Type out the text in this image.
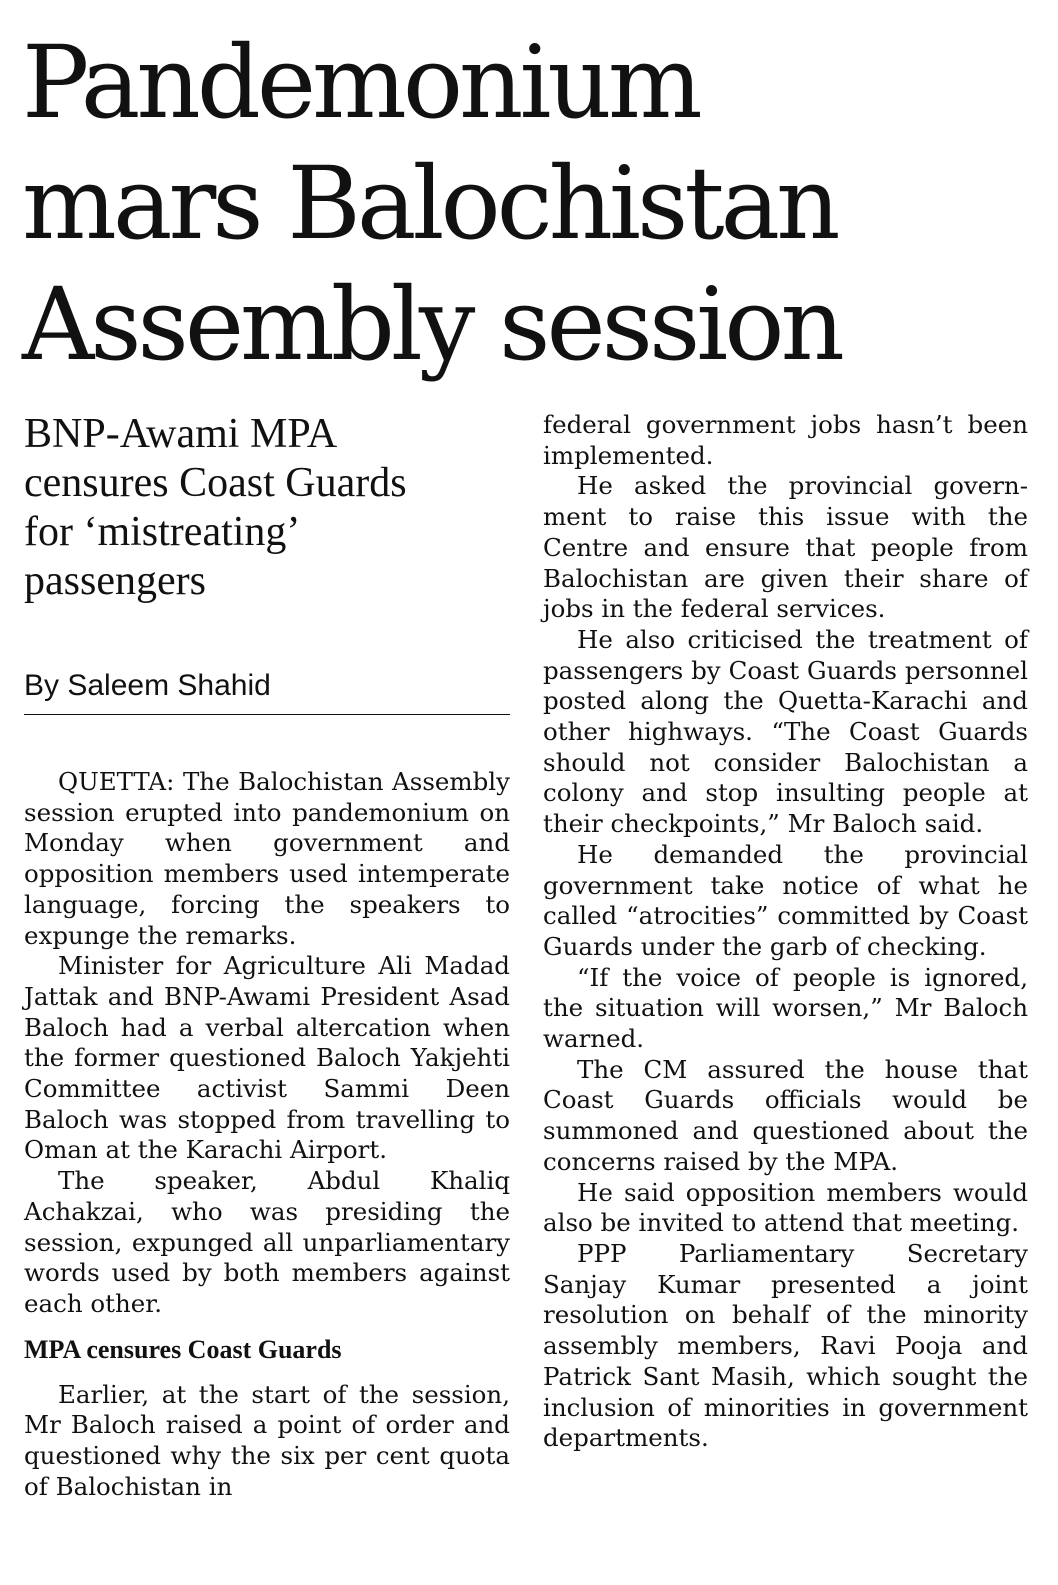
Pandemonium
mars Balochistan
Assembly session
BNP-Awami MPA
censures Coast Guards
for ‘mistreating’
passengers
By Saleem Shahid

QUETTA: The Balochistan Assembly session erupted into pandemonium on Monday when government and opposition members used intemperate language, forcing the speakers to expunge the remarks.

Minister for Agriculture Ali Madad Jattak and BNP-Awami President Asad Baloch had a verbal altercation when the former questioned Baloch Yakjehti Committee activist Sammi Deen Baloch was stopped from travelling to Oman at the Karachi Airport.

The speaker, Abdul Khaliq Achakzai, who was presiding the session, expunged all unparliamentary words used by both members against each other.

MPA censures Coast Guards

Earlier, at the start of the session, Mr Baloch raised a point of order and questioned why the six per cent quota of Balochistan in

federal government jobs hasn’t been implemented.

He asked the provincial government to raise this issue with the Centre and ensure that people from Balochistan are given their share of jobs in the federal services.

He also criticised the treatment of passengers by Coast Guards personnel posted along the Quetta-Karachi and other highways. “The Coast Guards should not consider Balochistan a colony and stop insulting people at their checkpoints,” Mr Baloch said.

He demanded the provincial government take notice of what he called “atrocities” committed by Coast Guards under the garb of checking.

“If the voice of people is ignored, the situation will worsen,” Mr Baloch warned.

The CM assured the house that Coast Guards officials would be summoned and questioned about the concerns raised by the MPA.

He said opposition members would also be invited to attend that meeting.

PPP Parliamentary Secretary Sanjay Kumar presented a joint resolution on behalf of the minority assembly members, Ravi Pooja and Patrick Sant Masih, which sought the inclusion of minorities in government departments.
